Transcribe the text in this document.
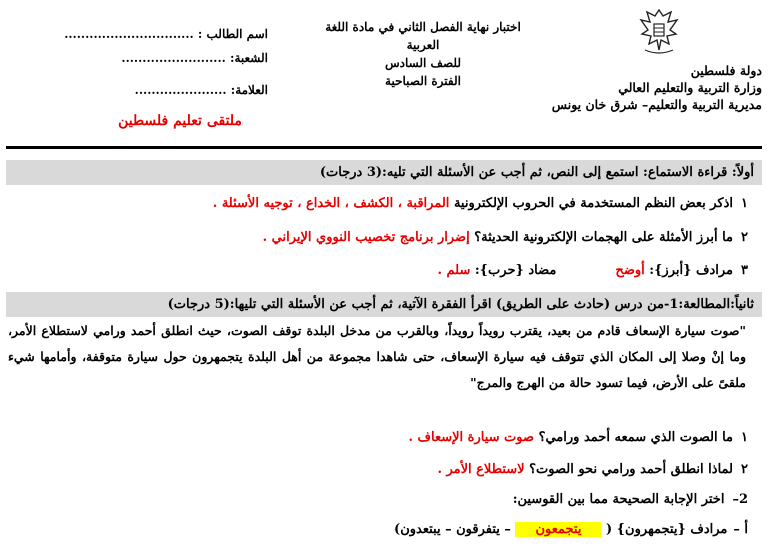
دولة فلسطين
وزارة التربية والتعليم العالي
مديرية التربية والتعليم– شرق خان يونس
اختبار نهاية الفصل الثاني في مادة اللغة العربية
للصف السادس
الفترة الصباحية
اسم الطالب : ...............................
الشعبة: .........................
العلامة: ......................
ملتقى تعليم فلسطين
أولاً: قراءة الاستماع: استمع إلى النص، ثم أجب عن الأسئلة التي تليه:(3 درجات)
١اذكر بعض النظم المستخدمة في الحروب الإلكترونية المراقبة ، الكشف ، الخداع ، توجيه الأسئلة .
٢ما أبرز الأمثلة على الهجمات الإلكترونية الحديثة؟ إضرار برنامج تخصيب النووي الإيراني .
٣مرادف {أبرز}: أوضح  مضاد {حرب}: سلم .
ثانياً:المطالعة:1-من درس (حادث على الطريق) اقرأ الفقرة الآتية، ثم أجب عن الأسئلة التي تليها:(5 درجات)
"صوت سيارة الإسعاف قادم من بعيد، يقترب رويداً رويداً، وبالقرب من مدخل البلدة توقف الصوت، حيث انطلق أحمد ورامي لاستطلاع الأمر، وما إنْ وصلا إلى المكان الذي تتوقف فيه سيارة الإسعاف، حتى شاهدا مجموعة من أهل البلدة يتجمهرون حول سيارة متوقفة، وأمامها شيء ملقىً على الأرض، فيما تسود حالة من الهرج والمرج"
١ما الصوت الذي سمعه أحمد ورامي؟ صوت سيارة الإسعاف .
٢لماذا انطلق أحمد ورامي نحو الصوت؟ لاستطلاع الأمر .
2–اختر الإجابة الصحيحة مما بين القوسين:
أ –مرادف {يتجمهرون} ( يتجمعون – يتفرقون – يبتعدون)
